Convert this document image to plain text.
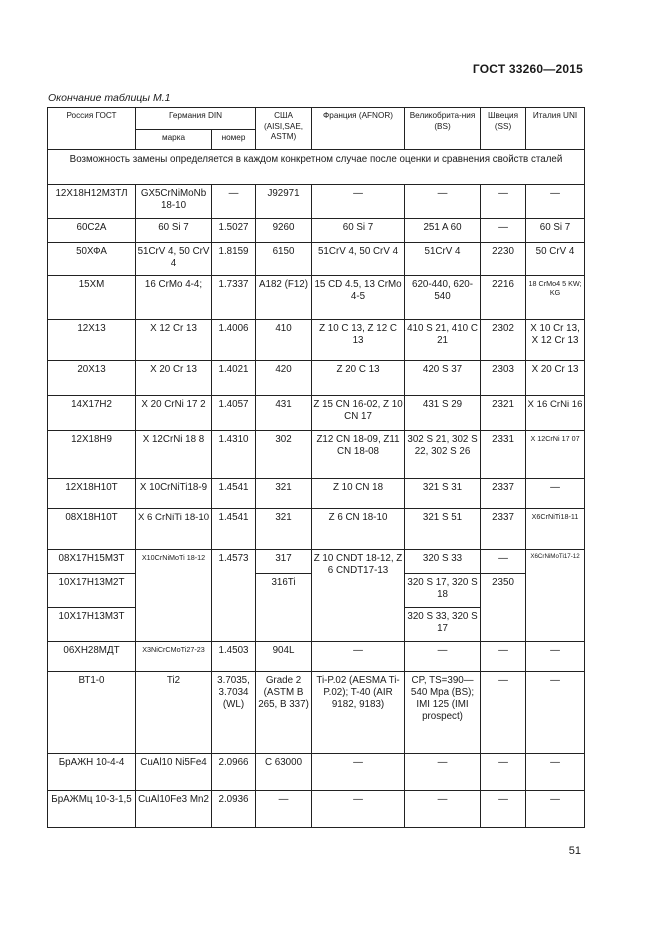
ГОСТ 33260—2015
Окончание таблицы М.1
Россия ГОСТ	Германия DIN		США (AISI,SAE, ASTM)	Франция (AFNOR)	Великобрита-ния (BS)	Швеция (SS)	Италия UNI
	марка	номер					
Возможность замены определяется в каждом конкретном случае после оценки и сравнения свойств сталей							
12Х18Н12М3ТЛ	GX5CrNiMoNb 18-10	—	J92971	—	—	—	—
60С2А	60 Si 7	1.5027	9260	60 Si 7	251 A 60	—	60 Si 7
50ХФА	51CrV 4, 50 CrV 4	1.8159	6150	51CrV 4, 50 CrV 4	51CrV 4	2230	50 CrV 4
15ХМ	16 CrMo 4-4;	1.7337	A182 (F12)	15 CD 4.5, 13 CrMo 4-5	620-440, 620-540	2216	18 CrMo4 5 KW; KG
12Х13	X 12 Cr 13	1.4006	410	Z 10 C 13, Z 12 C 13	410 S 21, 410 C 21	2302	X 10 Cr 13, X 12 Cr 13
20Х13	X 20 Cr 13	1.4021	420	Z 20 C 13	420 S 37	2303	X 20 Cr 13
14Х17Н2	X 20 CrNi 17 2	1.4057	431	Z 15 CN 16-02, Z 10 CN 17	431 S 29	2321	X 16 CrNi 16
12Х18Н9	X 12CrNi 18 8	1.4310	302	Z12 CN 18-09, Z11 CN 18-08	302 S 21, 302 S 22, 302 S 26	2331	X 12CrNi 17 07
12Х18Н10Т	X 10CrNiTi18-9	1.4541	321	Z 10 CN 18	321 S 31	2337	—
08Х18Н10Т	X 6 CrNiTi 18-10	1.4541	321	Z 6 CN 18-10	321 S 51	2337	X6CrNiTi18-11
08Х17Н15М3Т	X10CrNiMoTi 18-12	1.4573	317	Z 10 CNDT 18-12, Z 6 CNDT17-13	320 S 33	—	X6CrNiMoTi17-12
10Х17Н13М2Т			316Ti		320 S 17, 320 S 18	2350	
10Х17Н13М3Т					320 S 33, 320 S 17		
06ХН28МДТ	X3NiCrCMoTi27-23	1.4503	904L	—	—	—	—
ВТ1-0	Ti2	3.7035, 3.7034 (WL)	Grade 2 (ASTM B 265, B 337)	Ti-P.02 (AESMA Ti-P.02); T-40 (AIR 9182, 9183)	CP, TS=390—540 Mpa (BS); IMI 125 (IMI prospect)	—	—
БрАЖН 10-4-4	CuAl10 Ni5Fe4	2.0966	C 63000	—	—	—	—
БрАЖМц 10-3-1,5	CuAl10Fe3 Mn2	2.0936	—	—	—	—	—
51
